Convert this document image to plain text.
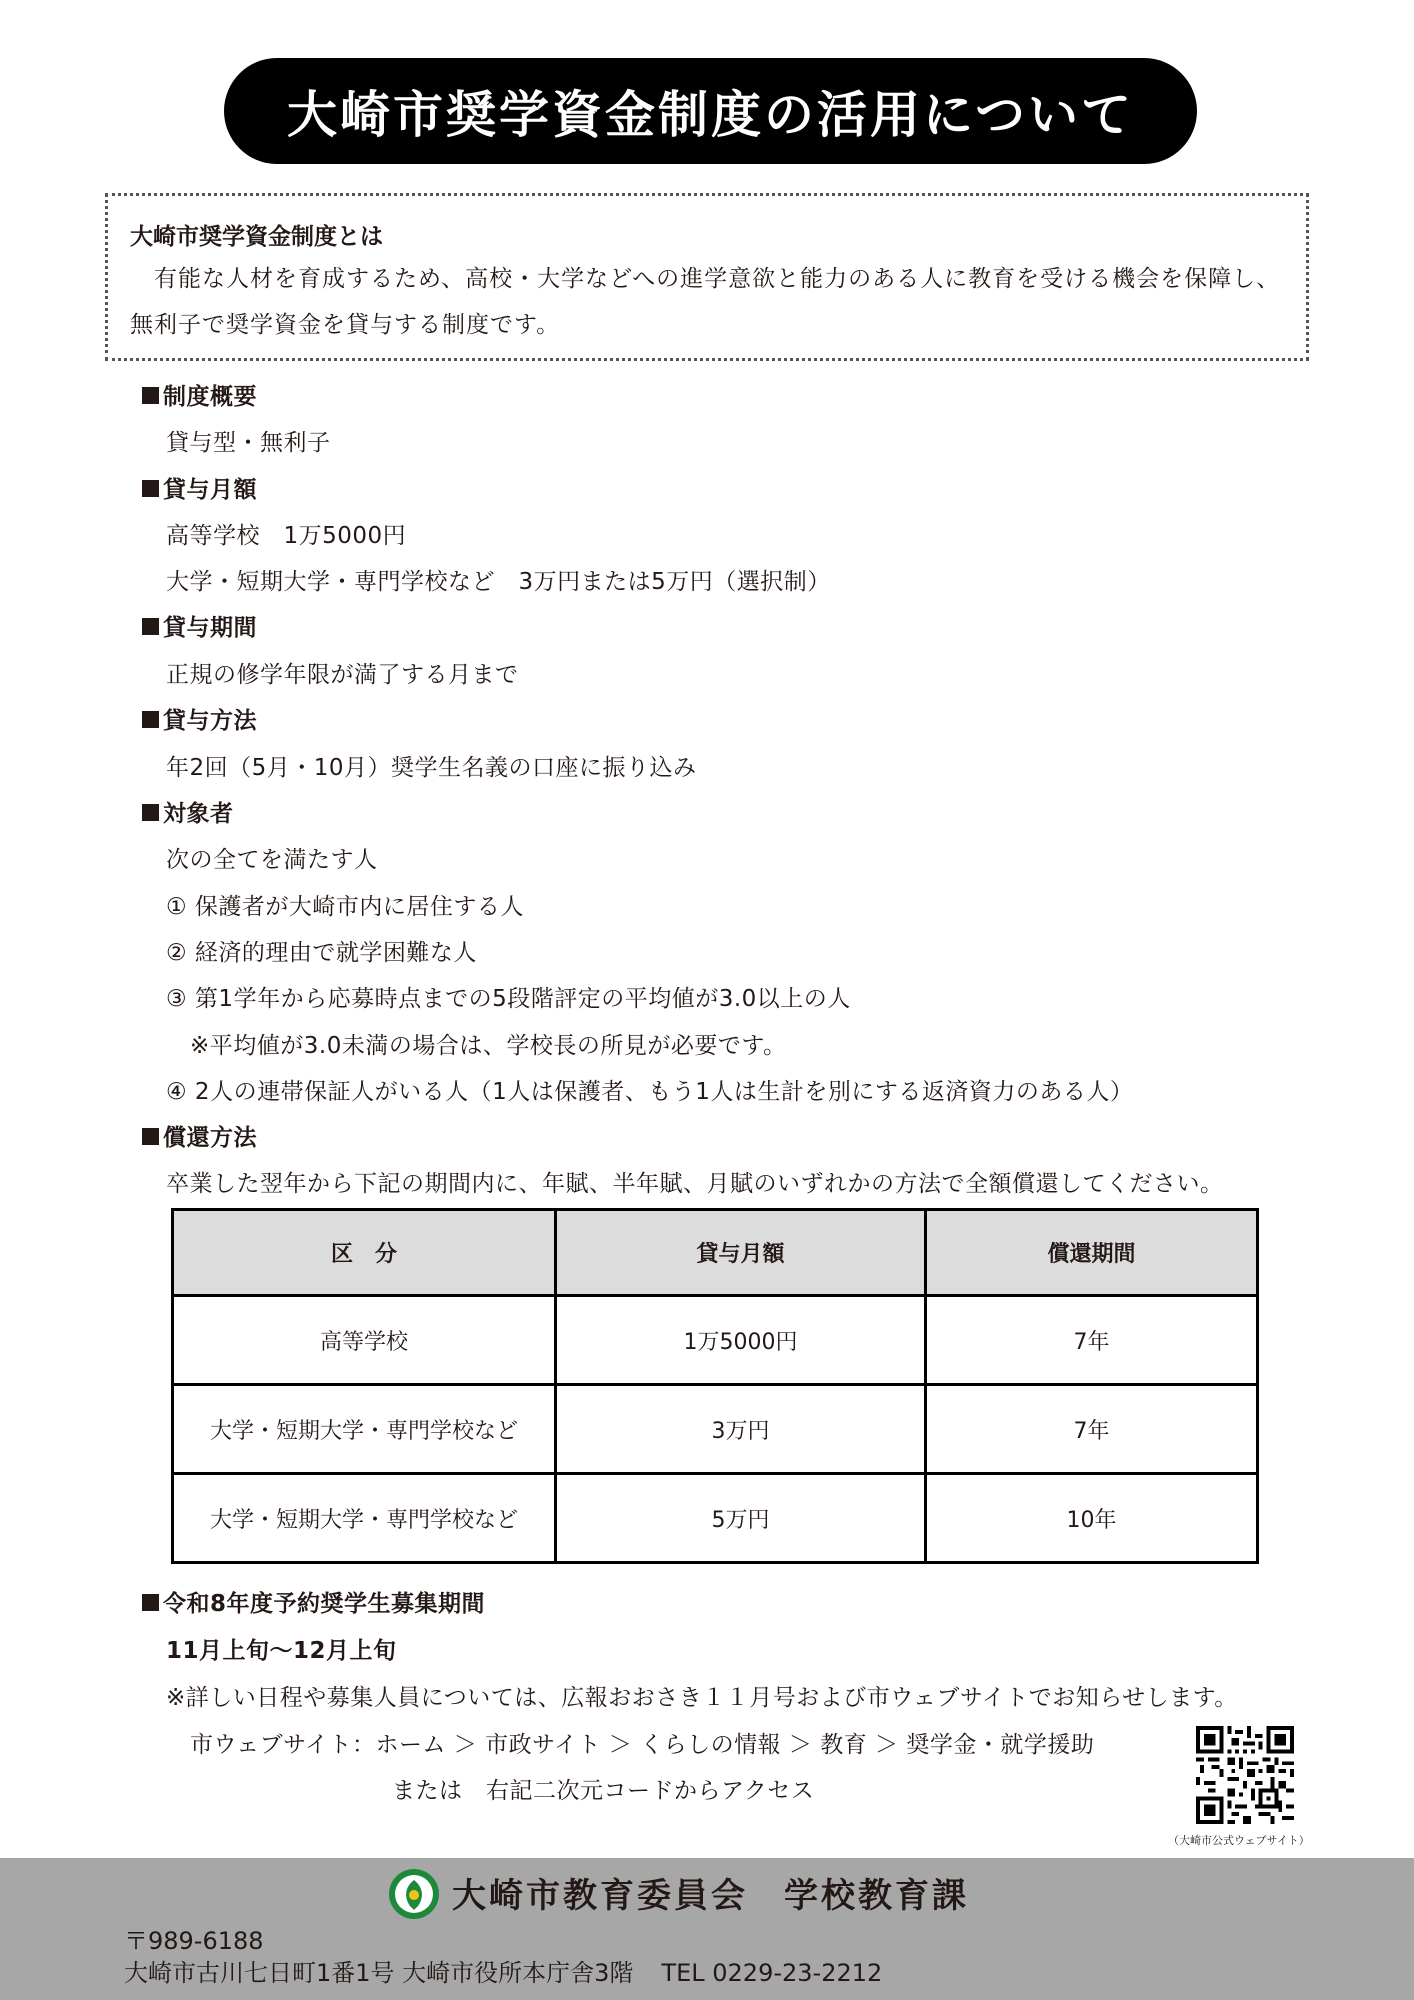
大崎市奨学資金制度の活用について
大崎市奨学資金制度とは
有能な人材を育成するため、高校・大学などへの進学意欲と能力のある人に教育を受ける機会を保障し、無利子で奨学資金を貸与する制度です。
制度概要
貸与型・無利子
貸与月額
高等学校　1万5000円
大学・短期大学・専門学校など　3万円または5万円（選択制）
貸与期間
正規の修学年限が満了する月まで
貸与方法
年2回（5月・10月）奨学生名義の口座に振り込み
対象者
次の全てを満たす人
① 保護者が大崎市内に居住する人
② 経済的理由で就学困難な人
③ 第1学年から応募時点までの5段階評定の平均値が3.0以上の人
※平均値が3.0未満の場合は、学校長の所見が必要です。
④ 2人の連帯保証人がいる人（1人は保護者、もう1人は生計を別にする返済資力のある人）
償還方法
卒業した翌年から下記の期間内に、年賦、半年賦、月賦のいずれかの方法で全額償還してください。
区　分	貸与月額	償還期間
高等学校	1万5000円	7年
大学・短期大学・専門学校など	3万円	7年
大学・短期大学・専門学校など	5万円	10年
令和8年度予約奨学生募集期間
11月上旬～12月上旬
※詳しい日程や募集人員については、広報おおさき１１月号および市ウェブサイトでお知らせします。
市ウェブサイト：ホーム ＞ 市政サイト ＞ くらしの情報 ＞ 教育 ＞ 奨学金・就学援助
または　右記二次元コードからアクセス
（大崎市公式ウェブサイト）
大崎市教育委員会 学校教育課
〒989-6188
大崎市古川七日町1番1号 大崎市役所本庁舎3階 TEL 0229-23-2212
